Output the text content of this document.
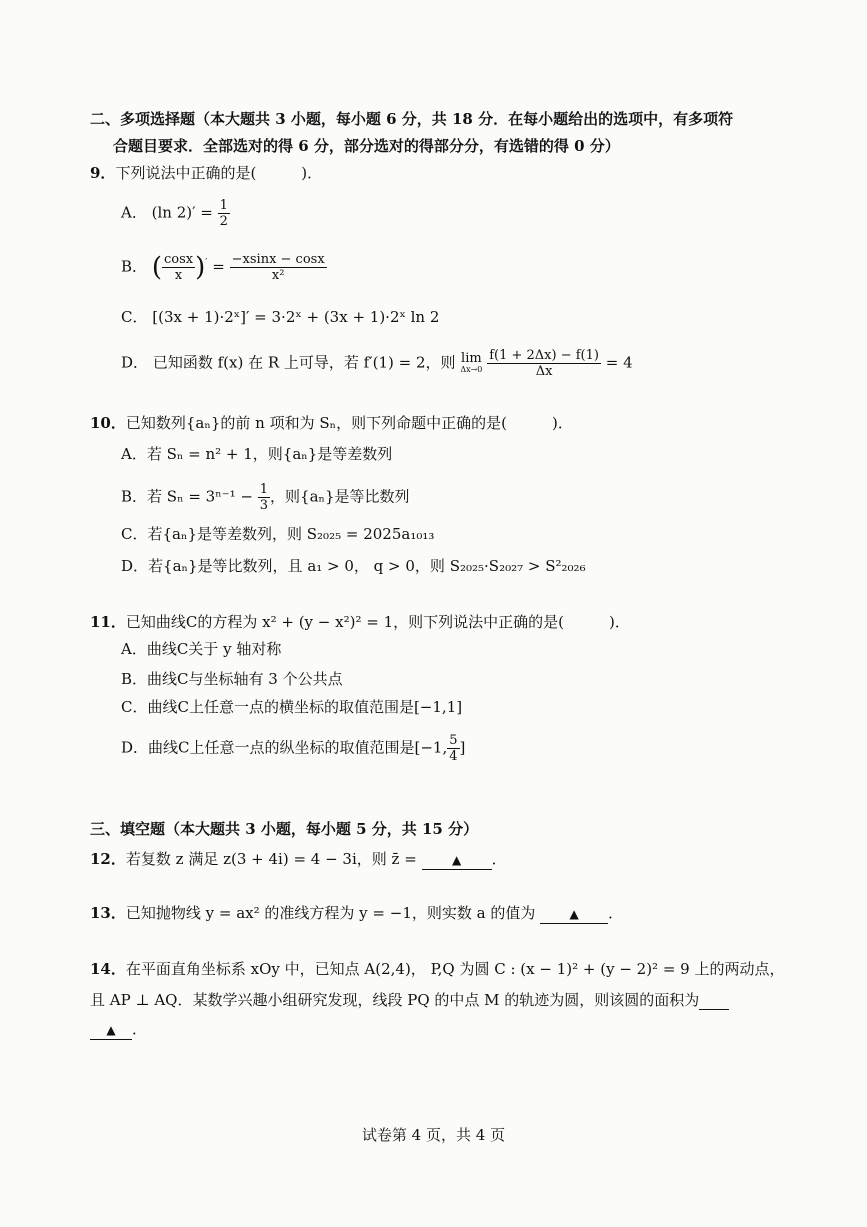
二、多项选择题（本大题共 3 小题，每小题 6 分，共 18 分．在每小题给出的选项中，有多项符
合题目要求．全部选对的得 6 分，部分选对的得部分分，有选错的得 0 分）
9．下列说法中正确的是(　　　)．
A． (ln $2)' = \frac{1}{2}$
B． ( $\frac{\cos x}{x} )' = \frac{-xsinx - \cos x}{\text{x²}}$
C． [(3x + 1)·2ˣ]′ = 3·2ˣ + (3x + 1)·2ˣ ln 2
D． 已知函数 f(x) 在 R 上可导，若 f′(1) = 2，则 lim
Δx→0
$\frac{f(1 + 2\Delta x) - f(1)}{\Delta x} = 4$
10．已知数列{aₙ}的前 n 项和为 Sₙ，则下列命题中正确的是(　　　)．
A．若 Sₙ = n² + 1，则{aₙ}是等差数列
B．若 $S_n = 3^{n-1} - \frac{1}{3}$ ，则{aₙ}是等比数列
C．若{aₙ}是等差数列，则 S₂₀₂₅ = 2025a₁₀₁₃
D．若{aₙ}是等比数列，且 a₁ > 0， q > 0，则 S₂₀₂₅·S₂₀₂₇ > S²₂₀₂₆
11．已知曲线C的方程为 x² + (y − x²)² = 1，则下列说法中正确的是(　　　)．
A．曲线C关于 y 轴对称
B．曲线C与坐标轴有 3 个公共点
C．曲线C上任意一点的横坐标的取值范围是[−1,1]
D．曲线C上任意一点的纵坐标的取值范围是[−1, $\frac{5}{4}$ ]
三、填空题（本大题共 3 小题，每小题 5 分，共 15 分）
12．若复数 z 满足 z(3 + 4i) = 4 − 3i，则 z̄ =	▲ ．
13．已知抛物线 y = ax² 的准线方程为 y = −1，则实数 a 的值为	▲ ．
14．在平面直角坐标系 xOy 中，已知点 A(2,4)， P,Q 为圆 C : (x − 1)² + (y − 2)² = 9 上的两动点，
且 AP ⊥ AQ．某数学兴趣小组研究发现，线段 PQ 的中点 M 的轨迹为圆，则该圆的面积为
▲ ．
试卷第 4 页，共 4 页
